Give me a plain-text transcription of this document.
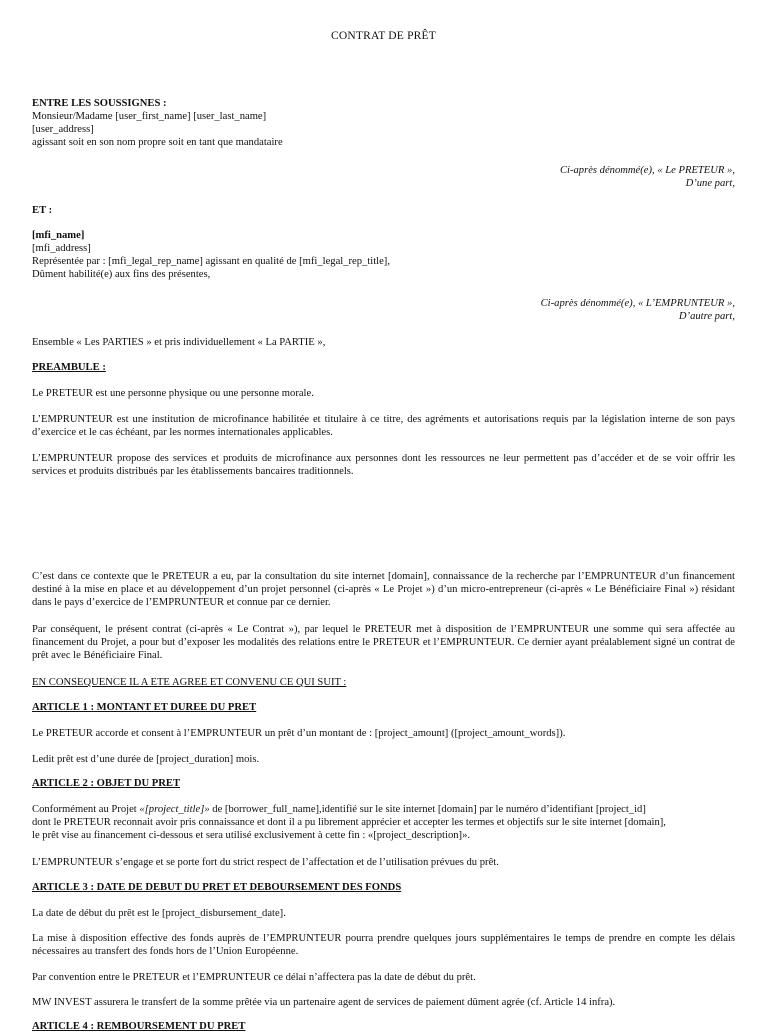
CONTRAT DE PRÊT

ENTRE LES SOUSSIGNES :

Monsieur/Madame [user_first_name] [user_last_name]

[user_address]

agissant soit en son nom propre soit en tant que mandataire

Ci-après dénommé(e), « Le PRETEUR »,

D’une part,

ET :

[mfi_name]

[mfi_address]

Représentée par : [mfi_legal_rep_name] agissant en qualité de [mfi_legal_rep_title],

Dûment habilité(e) aux fins des présentes,

Ci-après dénommé(e), « L’EMPRUNTEUR »,

D’autre part,

Ensemble « Les PARTIES » et pris individuellement « La PARTIE »,
PREAMBULE :
Le PRETEUR est une personne physique ou une personne morale.
L’EMPRUNTEUR est une institution de microfinance habilitée et titulaire à ce titre, des agréments et autorisations requis par la législation interne de son pays d’exercice et le cas échéant, par les normes internationales applicables.
L’EMPRUNTEUR propose des services et produits de microfinance aux personnes dont les ressources ne leur permettent pas d’accéder et de se voir offrir les services et produits distribués par les établissements bancaires traditionnels.
C’est dans ce contexte que le PRETEUR a eu, par la consultation du site internet [domain], connaissance de la recherche par l’EMPRUNTEUR d’un financement destiné à la mise en place et au développement d’un projet personnel (ci-après « Le Projet ») d’un micro-entrepreneur (ci-après « Le Bénéficiaire Final ») résidant dans le pays d’exercice de l’EMPRUNTEUR et connue par ce dernier.
Par conséquent, le présent contrat (ci-après « Le Contrat »), par lequel le PRETEUR met à disposition de l’EMPRUNTEUR une somme qui sera affectée au financement du Projet, a pour but d’exposer les modalités des relations entre le PRETEUR et l’EMPRUNTEUR. Ce dernier ayant préalablement signé un contrat de prêt avec le Bénéficiaire Final.
EN CONSEQUENCE IL A ETE AGREE ET CONVENU CE QUI SUIT :
ARTICLE 1 : MONTANT ET DUREE DU PRET
Le PRETEUR accorde et consent à l’EMPRUNTEUR un prêt d’un montant de : [project_amount] ([project_amount_words]).
Ledit prêt est d’une durée de [project_duration] mois.
ARTICLE 2 : OBJET DU PRET

Conformément au Projet «[project_title]» de [borrower_full_name],identifié sur le site internet [domain] par le numéro d’identifiant [project_id]

dont le PRETEUR reconnait avoir pris connaissance et dont il a pu librement apprécier et accepter les termes et objectifs sur le site internet [domain],

le prêt vise au financement ci-dessous et sera utilisé exclusivement à cette fin : «[project_description]».

L’EMPRUNTEUR s’engage et se porte fort du strict respect de l’affectation et de l’utilisation prévues du prêt.
ARTICLE 3 : DATE DE DEBUT DU PRET ET DEBOURSEMENT DES FONDS
La date de début du prêt est le [project_disbursement_date].
La mise à disposition effective des fonds auprès de l’EMPRUNTEUR pourra prendre quelques jours supplémentaires le temps de prendre en compte les délais nécessaires au transfert des fonds hors de l’Union Européenne.
Par convention entre le PRETEUR et l’EMPRUNTEUR ce délai n’affectera pas la date de début du prêt.
MW INVEST assurera le transfert de la somme prêtée via un partenaire agent de services de paiement dûment agrée (cf. Article 14 infra).
ARTICLE 4 : REMBOURSEMENT DU PRET
